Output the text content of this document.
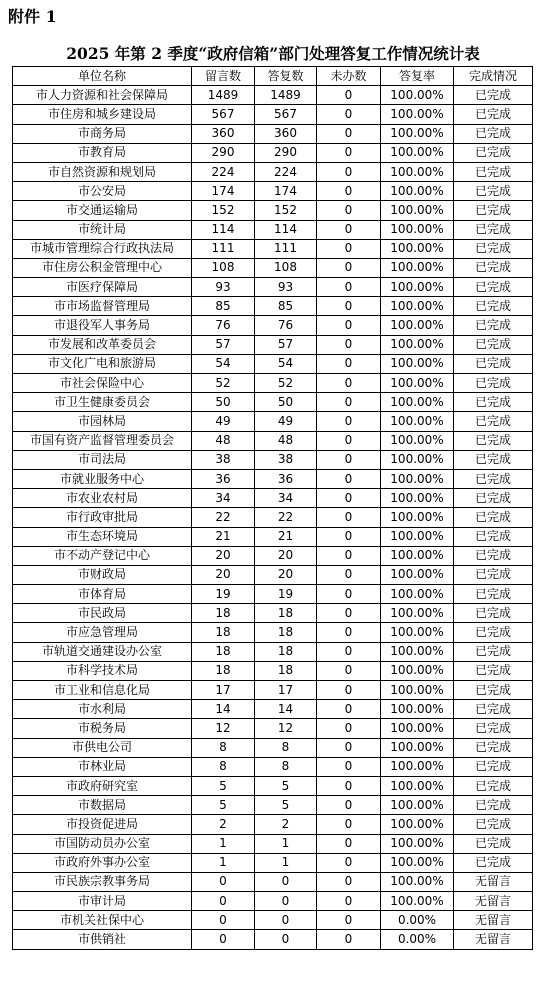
附件 1
2025 年第 2 季度“政府信箱”部门处理答复工作情况统计表
单位名称	留言数	答复数	未办数	答复率	完成情况
市人力资源和社会保障局	1489	1489	0	100.00%	已完成
市住房和城乡建设局	567	567	0	100.00%	已完成
市商务局	360	360	0	100.00%	已完成
市教育局	290	290	0	100.00%	已完成
市自然资源和规划局	224	224	0	100.00%	已完成
市公安局	174	174	0	100.00%	已完成
市交通运输局	152	152	0	100.00%	已完成
市统计局	114	114	0	100.00%	已完成
市城市管理综合行政执法局	111	111	0	100.00%	已完成
市住房公积金管理中心	108	108	0	100.00%	已完成
市医疗保障局	93	93	0	100.00%	已完成
市市场监督管理局	85	85	0	100.00%	已完成
市退役军人事务局	76	76	0	100.00%	已完成
市发展和改革委员会	57	57	0	100.00%	已完成
市文化广电和旅游局	54	54	0	100.00%	已完成
市社会保险中心	52	52	0	100.00%	已完成
市卫生健康委员会	50	50	0	100.00%	已完成
市园林局	49	49	0	100.00%	已完成
市国有资产监督管理委员会	48	48	0	100.00%	已完成
市司法局	38	38	0	100.00%	已完成
市就业服务中心	36	36	0	100.00%	已完成
市农业农村局	34	34	0	100.00%	已完成
市行政审批局	22	22	0	100.00%	已完成
市生态环境局	21	21	0	100.00%	已完成
市不动产登记中心	20	20	0	100.00%	已完成
市财政局	20	20	0	100.00%	已完成
市体育局	19	19	0	100.00%	已完成
市民政局	18	18	0	100.00%	已完成
市应急管理局	18	18	0	100.00%	已完成
市轨道交通建设办公室	18	18	0	100.00%	已完成
市科学技术局	18	18	0	100.00%	已完成
市工业和信息化局	17	17	0	100.00%	已完成
市水利局	14	14	0	100.00%	已完成
市税务局	12	12	0	100.00%	已完成
市供电公司	8	8	0	100.00%	已完成
市林业局	8	8	0	100.00%	已完成
市政府研究室	5	5	0	100.00%	已完成
市数据局	5	5	0	100.00%	已完成
市投资促进局	2	2	0	100.00%	已完成
市国防动员办公室	1	1	0	100.00%	已完成
市政府外事办公室	1	1	0	100.00%	已完成
市民族宗教事务局	0	0	0	100.00%	无留言
市审计局	0	0	0	100.00%	无留言
市机关社保中心	0	0	0	0.00%	无留言
市供销社	0	0	0	0.00%	无留言
